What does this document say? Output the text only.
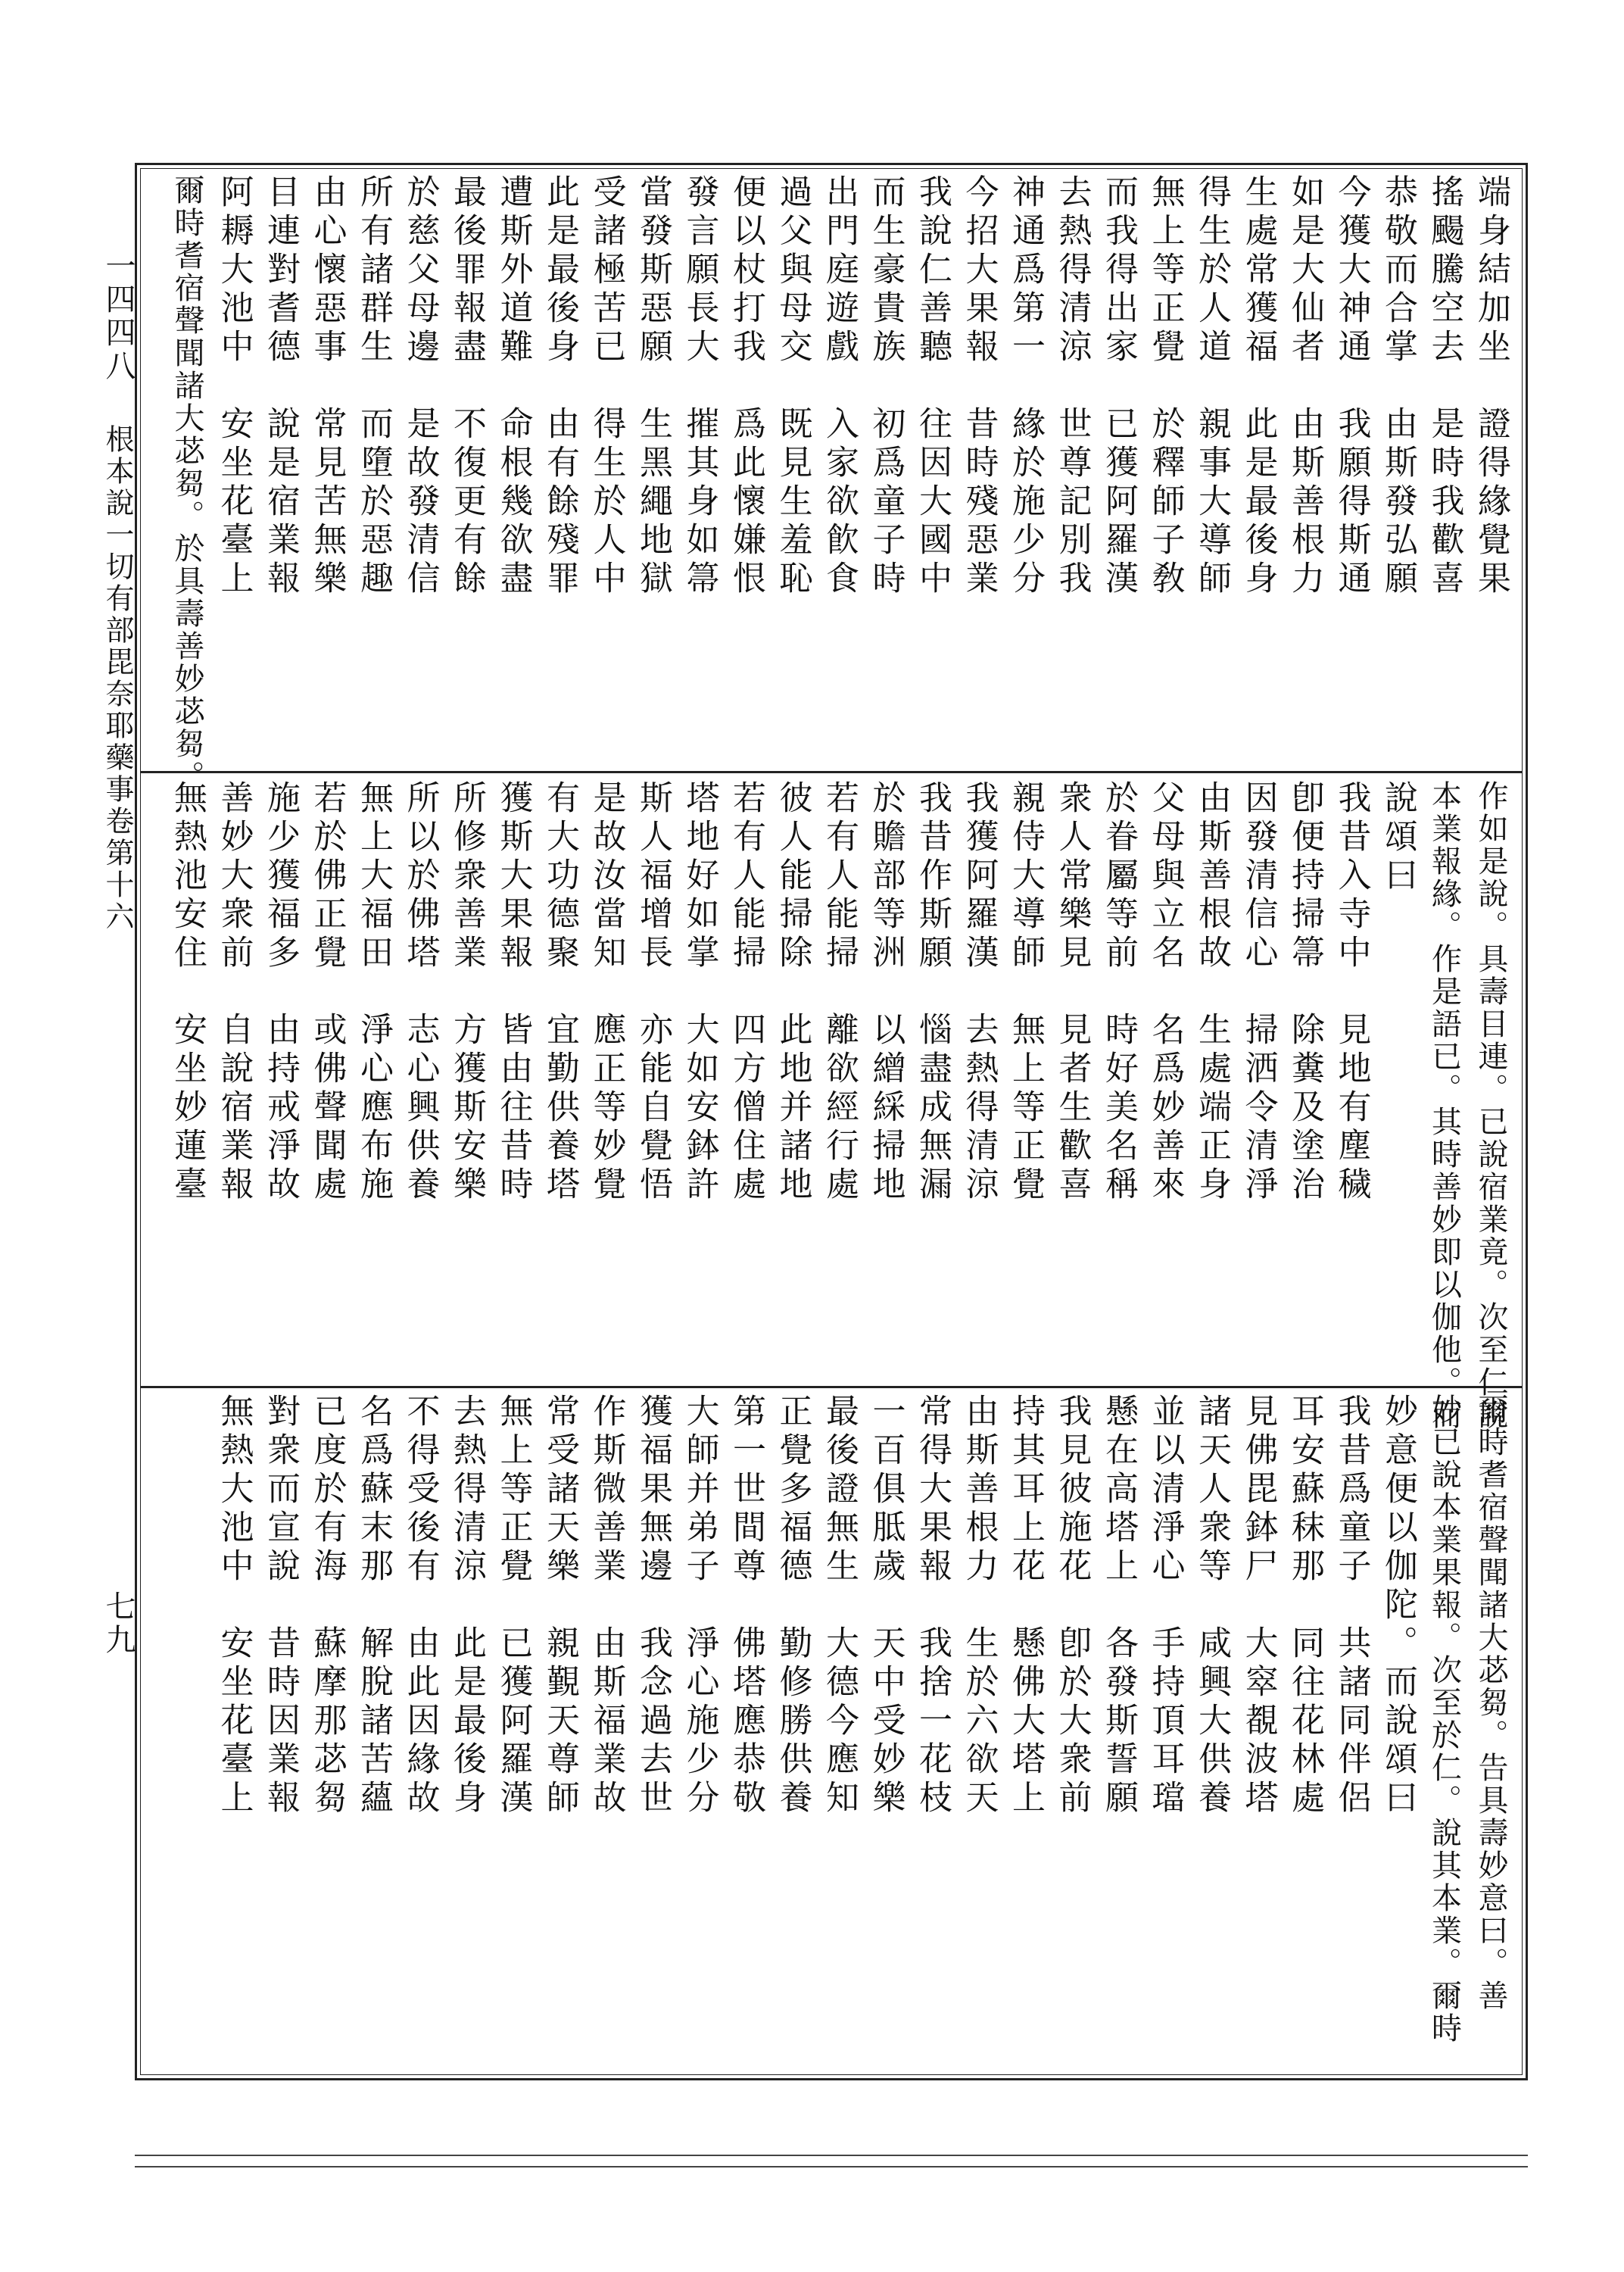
一四四八
根本說一切有部毘奈耶藥事卷第十六
七九
端身結加坐　證得緣覺果
搖颺騰空去　是時我歡喜
恭敬而合掌　由斯發弘願
今獲大神通　我願得斯通
如是大仙者　由斯善根力
生處常獲福　此是最後身
得生於人道　親事大導師
無上等正覺　於釋師子敎
而我得出家　已獲阿羅漢
去熱得清涼　世尊記別我
神通爲第一　緣於施少分
今招大果報　昔時殘惡業
我說仁善聽　往因大國中
而生豪貴族　初爲童子時
出門庭遊戲　入家欲飮食
過父與母交　既見生羞恥
便以杖打我　爲此懷嫌恨
發言願長大　摧其身如箒
當發斯惡願　生黑繩地獄
受諸極苦已　得生於人中
此是最後身　由有餘殘罪
遭斯外道難　命根幾欲盡
最後罪報盡　不復更有餘
於慈父母邊　是故發清信
所有諸群生　而墮於惡趣
由心懷惡事　常見苦無樂
目連對耆德　說是宿業報
阿耨大池中　安坐花臺上
爾時耆宿聲聞諸大苾芻。於具壽善妙苾芻。
作如是說。具壽目連。已說宿業竟。次至仁說
本業報緣。作是語已。其時善妙即以伽他。而
說頌曰
我昔入寺中　見地有塵穢
卽便持掃箒　除糞及塗治
因發清信心　掃洒令清淨
由斯善根故　生處端正身
父母與立名　名爲妙善來
於眷屬等前　時好美名稱
衆人常樂見　見者生歡喜
親侍大導師　無上等正覺
我獲阿羅漢　去熱得清涼
我昔作斯願　惱盡成無漏
於贍部等洲　以繒綵掃地
若有人能掃　離欲經行處
彼人能掃除　此地并諸地
若有人能掃　四方僧住處
塔地好如掌　大如安鉢許
斯人福增長　亦能自覺悟
是故汝當知　應正等妙覺
有大功德聚　宜勤供養塔
獲斯大果報　皆由往昔時
所修衆善業　方獲斯安樂
所以於佛塔　志心興供養
無上大福田　淨心應布施
若於佛正覺　或佛聲聞處
施少獲福多　由持戒淨故
善妙大衆前　自說宿業報
無熱池安住　安坐妙蓮臺
爾時耆宿聲聞諸大苾芻。告具壽妙意曰。善
妙已說本業果報。次至於仁。說其本業。爾時
妙意便以伽陀。而說頌曰
我昔爲童子　共諸同伴侶
耳安蘇秣那　同往花林處
見佛毘鉢尸　大窣覩波塔
諸天人衆等　咸興大供養
並以清淨心　手持頂耳璫
懸在高塔上　各發斯誓願
我見彼施花　卽於大衆前
持其耳上花　懸佛大塔上
由斯善根力　生於六欲天
常得大果報　我捨一花枝
一百俱胝歲　天中受妙樂
最後證無生　大德今應知
正覺多福德　勤修勝供養
第一世間尊　佛塔應恭敬
大師并弟子　淨心施少分
獲福果無邊　我念過去世
作斯微善業　由斯福業故
常受諸天樂　親覲天尊師
無上等正覺　已獲阿羅漢
去熱得清涼　此是最後身
不得受後有　由此因緣故
名爲蘇末那　解脫諸苦蘊
已度於有海　蘇摩那苾芻
對衆而宣說　昔時因業報
無熱大池中　安坐花臺上
